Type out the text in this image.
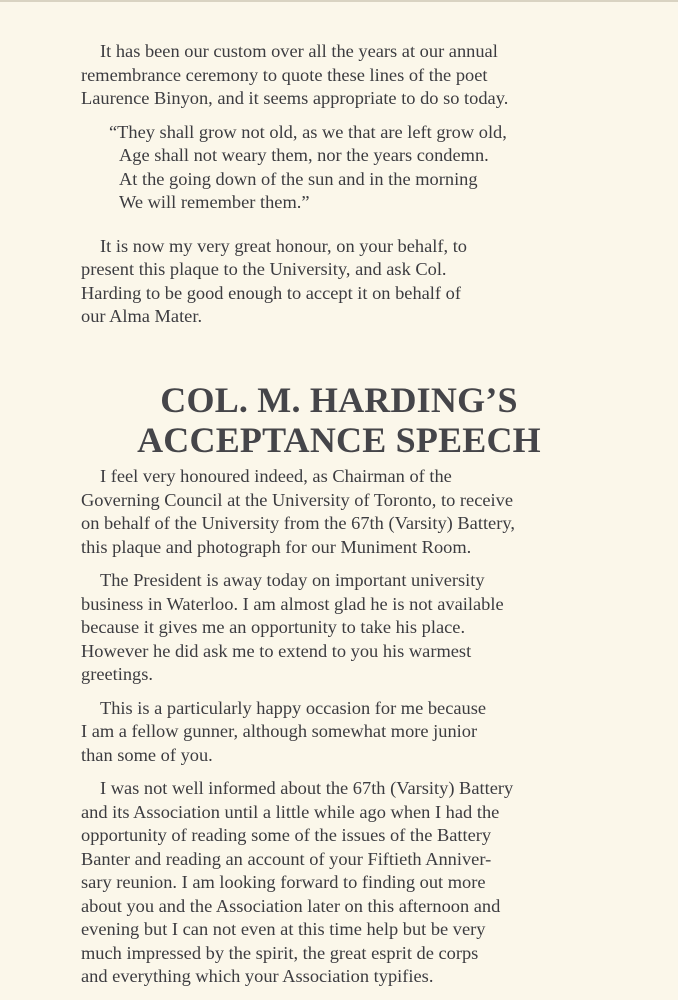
It has been our custom over all the years at our annual
remembrance ceremony to quote these lines of the poet
Laurence Binyon, and it seems appropriate to do so today.

“They shall grow not old, as we that are left grow old,
Age shall not weary them, nor the years condemn.
At the going down of the sun and in the morning
We will remember them.”

It is now my very great honour, on your behalf, to
present this plaque to the University, and ask Col.
Harding to be good enough to accept it on behalf of
our Alma Mater.

COL. M. HARDING’S
ACCEPTANCE SPEECH

I feel very honoured indeed, as Chairman of the
Governing Council at the University of Toronto, to receive
on behalf of the University from the 67th (Varsity) Battery,
this plaque and photograph for our Muniment Room.

The President is away today on important university
business in Waterloo. I am almost glad he is not available
because it gives me an opportunity to take his place.
However he did ask me to extend to you his warmest
greetings.

This is a particularly happy occasion for me because
I am a fellow gunner, although somewhat more junior
than some of you.

I was not well informed about the 67th (Varsity) Battery
and its Association until a little while ago when I had the
opportunity of reading some of the issues of the Battery
Banter and reading an account of your Fiftieth Anniver-
sary reunion. I am looking forward to finding out more
about you and the Association later on this afternoon and
evening but I can not even at this time help but be very
much impressed by the spirit, the great esprit de corps
and everything which your Association typifies.
